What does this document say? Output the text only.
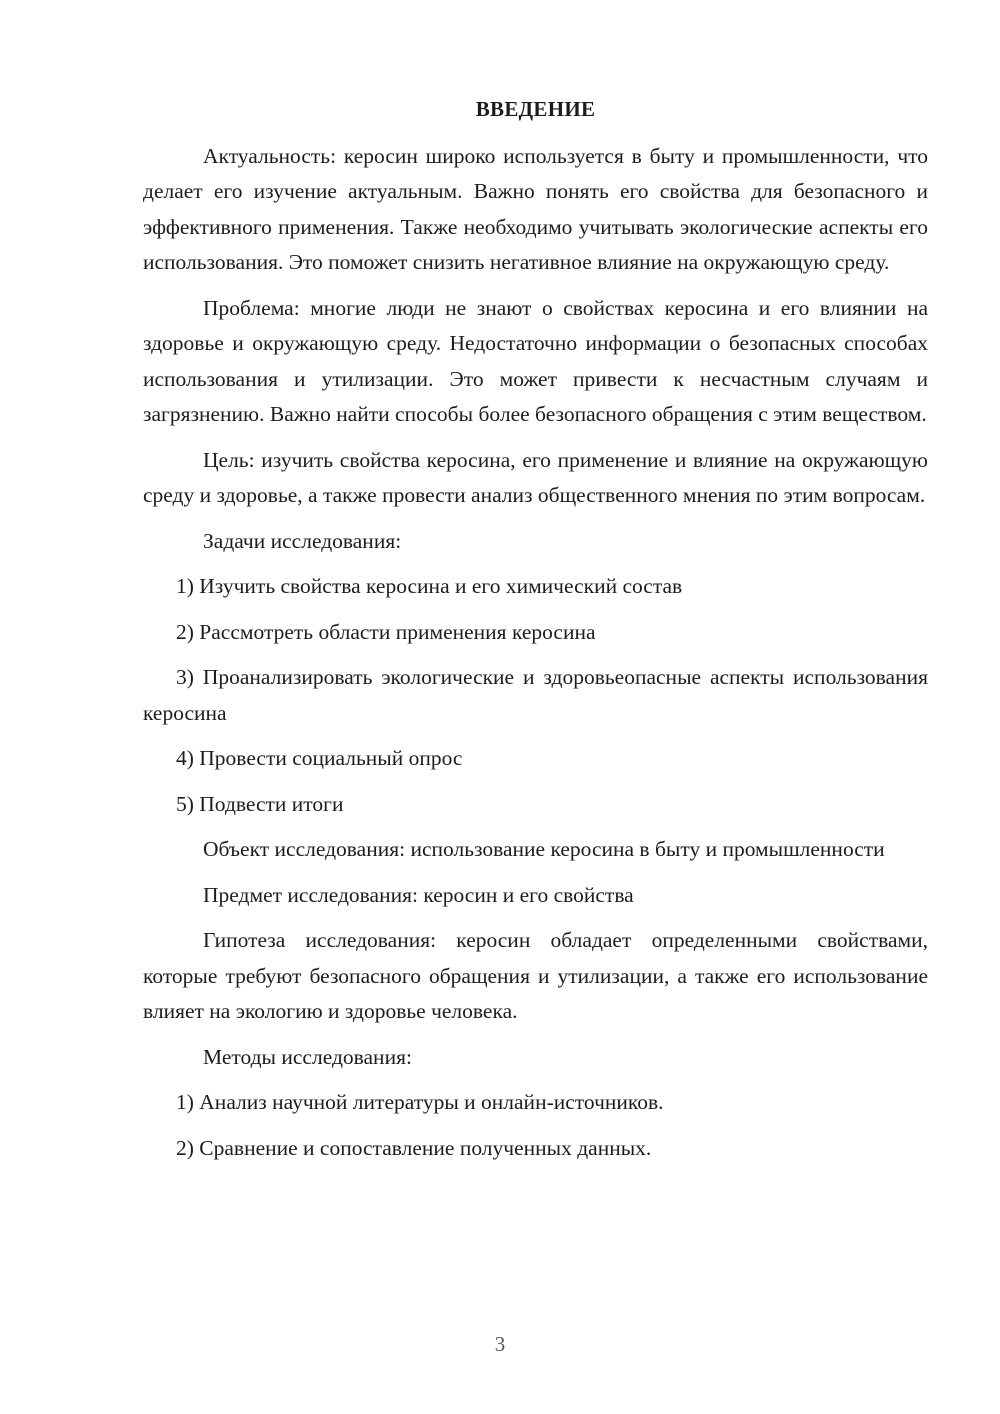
ВВЕДЕНИЕ

Актуальность: керосин широко используется в быту и промышленности, что делает его изучение актуальным. Важно понять его свойства для безопасного и эффективного применения. Также необходимо учитывать экологические аспекты его использования. Это поможет снизить негативное влияние на окружающую среду.

Проблема: многие люди не знают о свойствах керосина и его влиянии на здоровье и окружающую среду. Недостаточно информации о безопасных способах использования и утилизации. Это может привести к несчастным случаям и загрязнению. Важно найти способы более безопасного обращения с этим веществом.

Цель: изучить свойства керосина, его применение и влияние на окружающую среду и здоровье, а также провести анализ общественного мнения по этим вопросам.

Задачи исследования:

1) Изучить свойства керосина и его химический состав

2) Рассмотреть области применения керосина

3) Проанализировать экологические и здоровьеопасные аспекты использования керосина

4) Провести социальный опрос

5) Подвести итоги

Объект исследования: использование керосина в быту и промышленности

Предмет исследования: керосин и его свойства

Гипотеза исследования: керосин обладает определенными свойствами, которые требуют безопасного обращения и утилизации, а также его использование влияет на экологию и здоровье человека.

Методы исследования:

1) Анализ научной литературы и онлайн-источников.

2) Сравнение и сопоставление полученных данных.

3
